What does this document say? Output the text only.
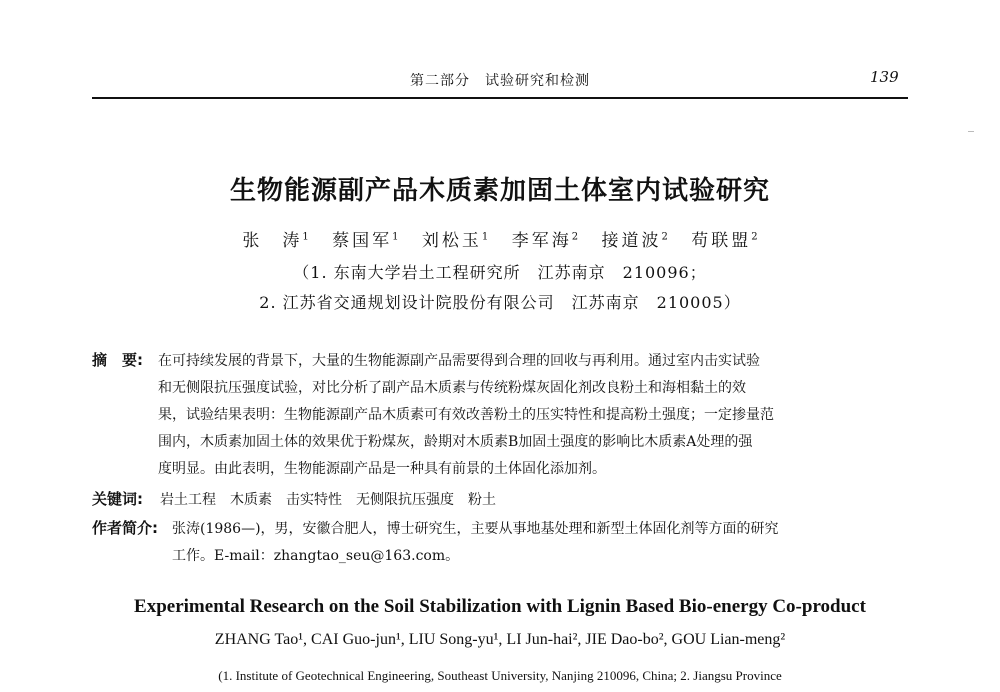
第二部分　试验研究和检测	139
生物能源副产品木质素加固土体室内试验研究
张　涛$^1$ 蔡国军$^1$ 刘松玉$^1$ 李军海$^2$ 接道波$^2$ 苟联盟$^2$
（1. 东南大学岩土工程研究所　江苏南京　210096；
2. 江苏省交通规划设计院股份有限公司　江苏南京　210005）
摘　要: 在可持续发展的背景下，大量的生物能源副产品需要得到合理的回收与再利用。通过室内击实试验
和无侧限抗压强度试验，对比分析了副产品木质素与传统粉煤灰固化剂改良粉土和海相黏土的效
果，试验结果表明：生物能源副产品木质素可有效改善粉土的压实特性和提高粉土强度；一定掺量范
围内，木质素加固土体的效果优于粉煤灰，龄期对木质素B加固土强度的影响比木质素A处理的强
度明显。由此表明，生物能源副产品是一种具有前景的土体固化添加剂。
关键词: 岩土工程　木质素　击实特性　无侧限抗压强度　粉土
作者简介: 张涛(1986—)，男，安徽合肥人，博士研究生，主要从事地基处理和新型土体固化剂等方面的研究
工作。E-mail：zhangtao_seu@163.com。
Experimental Research on the Soil Stabilization with Lignin Based Bio-energy Co-product
ZHANG Tao¹, CAI Guo-jun¹, LIU Song-yu¹, LI Jun-hai², JIE Dao-bo², GOU Lian-meng²
(1. Institute of Geotechnical Engineering, Southeast University, Nanjing 210096, China; 2. Jiangsu Province
